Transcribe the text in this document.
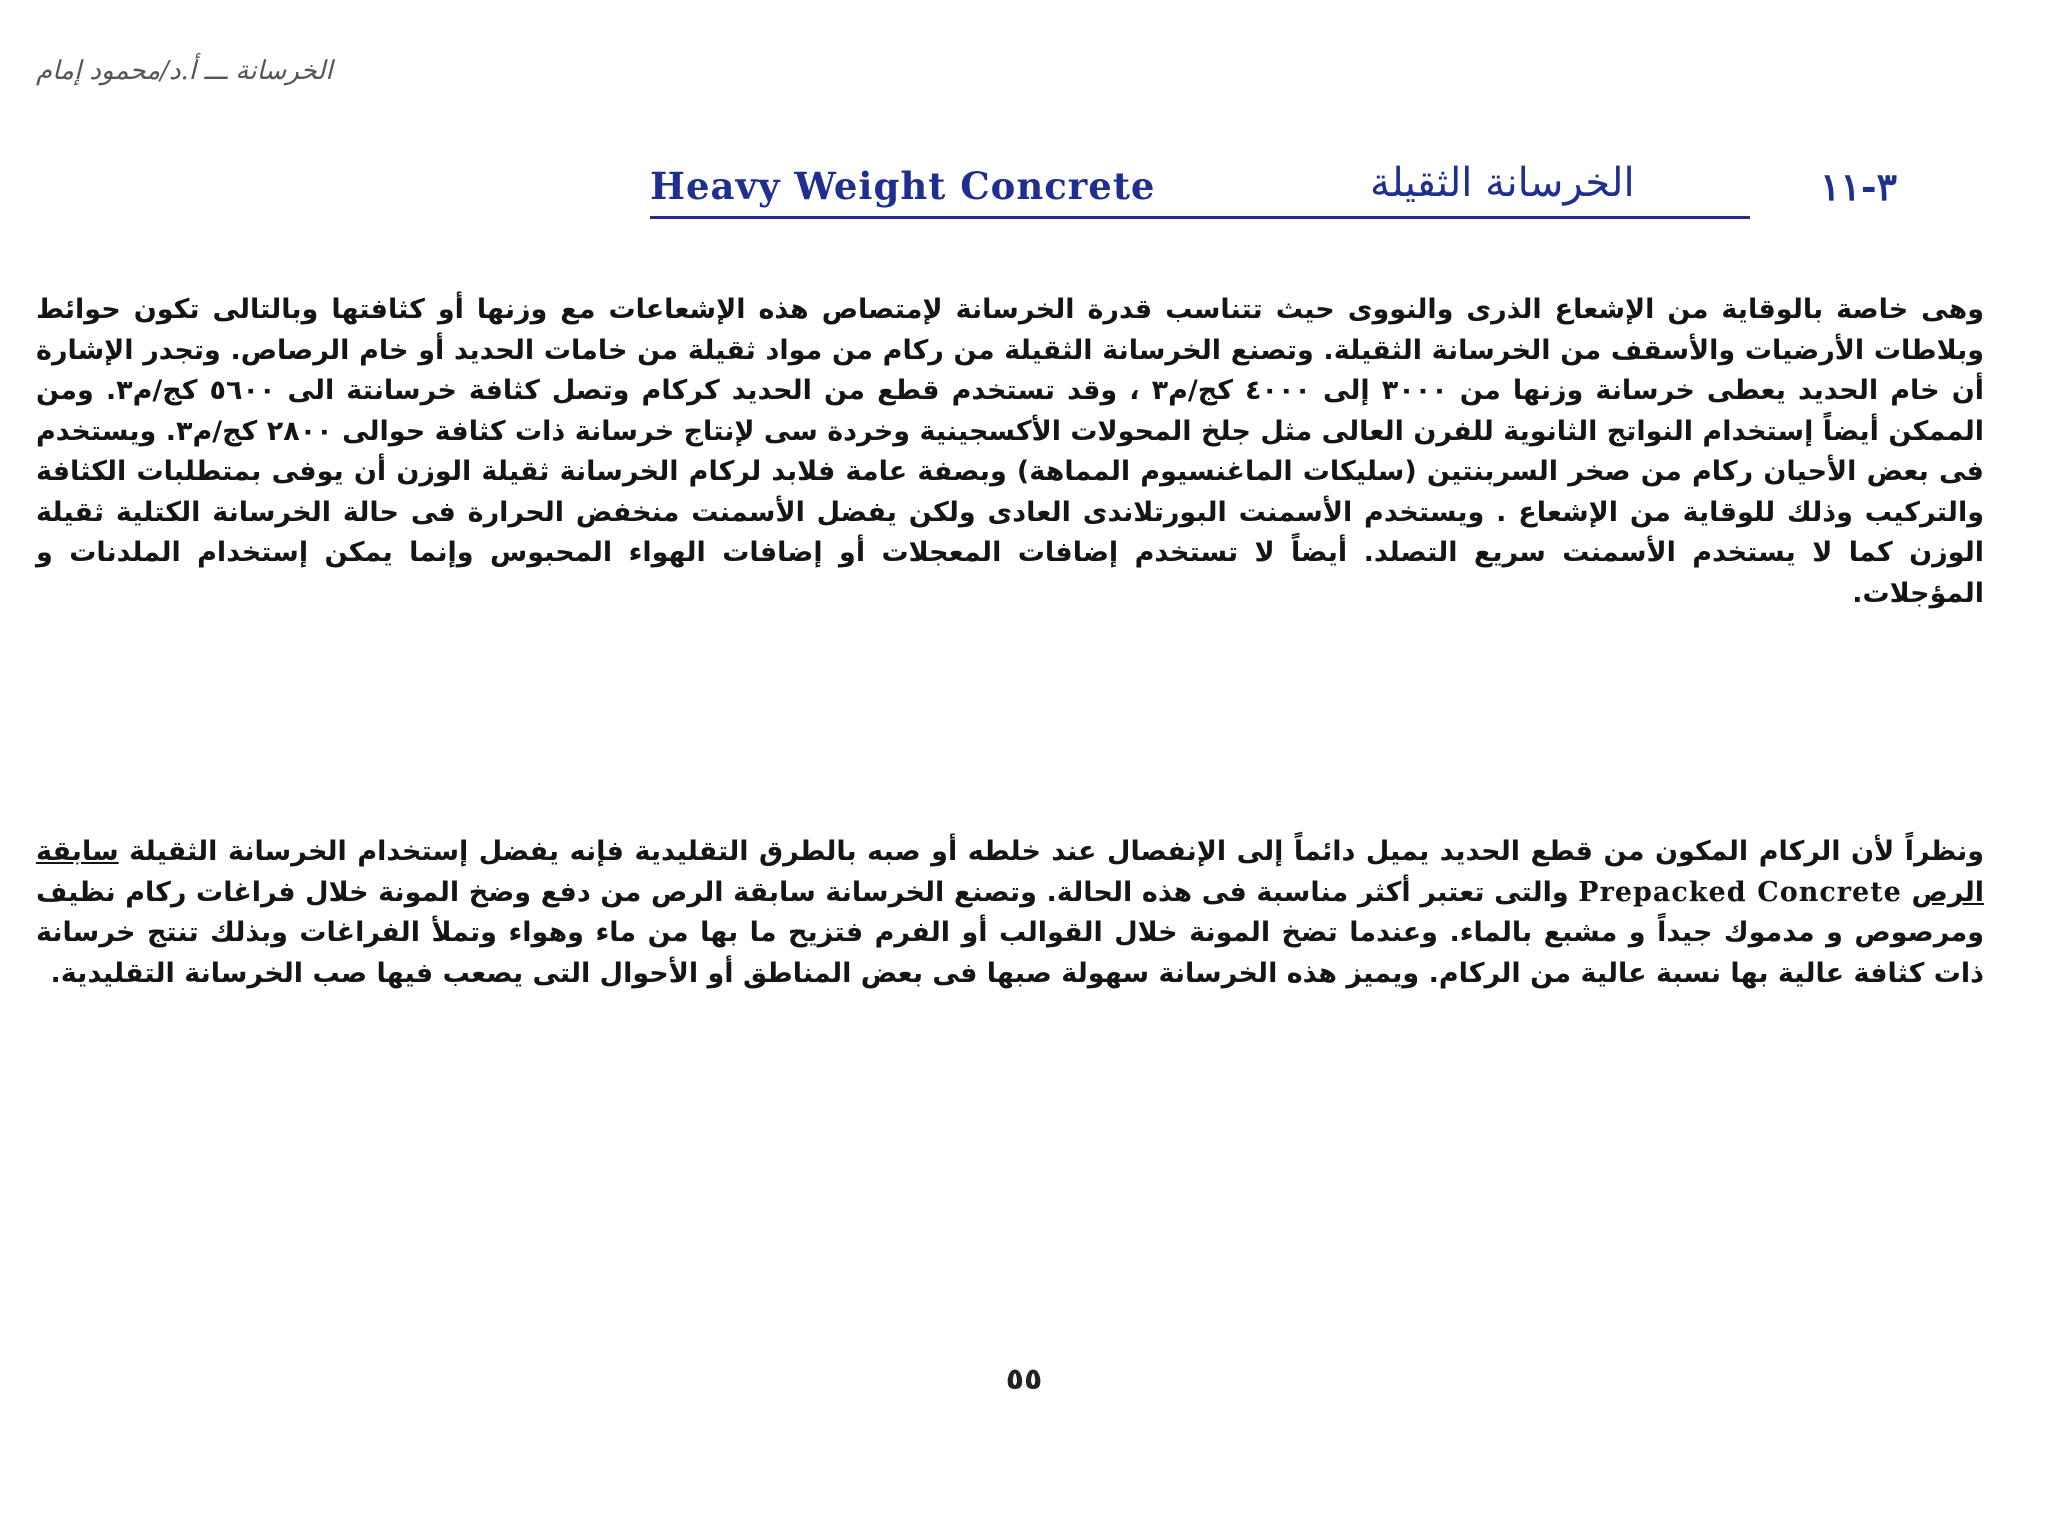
الخرسانة ـــ أ.د/محمود إمام
Heavy Weight Concrete	الخرسانة الثقيلة	٣-١١

وهى خاصة بالوقاية من الإشعاع الذرى والنووى حيث تتناسب قدرة الخرسانة لإمتصاص هذه الإشعاعات مع وزنها أو كثافتها وبالتالى تكون حوائط وبلاطات الأرضيات والأسقف من الخرسانة الثقيلة. وتصنع الخرسانة الثقيلة من ركام من مواد ثقيلة من خامات الحديد أو خام الرصاص. وتجدر الإشارة أن خام الحديد يعطى خرسانة وزنها من ٣٠٠٠ إلى ٤٠٠٠ كج/م٣ ، وقد تستخدم قطع من الحديد كركام وتصل كثافة خرسانتة الى ٥٦٠٠ كج/م٣. ومن الممكن أيضاً إستخدام النواتج الثانوية للفرن العالى مثل جلخ المحولات الأكسجينية وخردة سى لإنتاج خرسانة ذات كثافة حوالى ٢٨٠٠ كج/م٣. ويستخدم فى بعض الأحيان ركام من صخر السربنتين (سليكات الماغنسيوم المماهة) وبصفة عامة فلابد لركام الخرسانة ثقيلة الوزن أن يوفى بمتطلبات الكثافة والتركيب وذلك للوقاية من الإشعاع . ويستخدم الأسمنت البورتلاندى العادى ولكن يفضل الأسمنت منخفض الحرارة فى حالة الخرسانة الكتلية ثقيلة الوزن كما لا يستخدم الأسمنت سريع التصلد. أيضاً لا تستخدم إضافات المعجلات أو إضافات الهواء المحبوس وإنما يمكن إستخدام الملدنات و المؤجلات.

ونظراً لأن الركام المكون من قطع الحديد يميل دائماً إلى الإنفصال عند خلطه أو صبه بالطرق التقليدية فإنه يفضل إستخدام الخرسانة الثقيلة سابقة الرص Prepacked Concrete والتى تعتبر أكثر مناسبة فى هذه الحالة. وتصنع الخرسانة سابقة الرص من دفع وضخ المونة خلال فراغات ركام نظيف ومرصوص و مدموك جيداً و مشبع بالماء. وعندما تضخ المونة خلال القوالب أو الفرم فتزيح ما بها من ماء وهواء وتملأ الفراغات وبذلك تنتج خرسانة ذات كثافة عالية بها نسبة عالية من الركام. ويميز هذه الخرسانة سهولة صبها فى بعض المناطق أو الأحوال التى يصعب فيها صب الخرسانة التقليدية.

٥٥
